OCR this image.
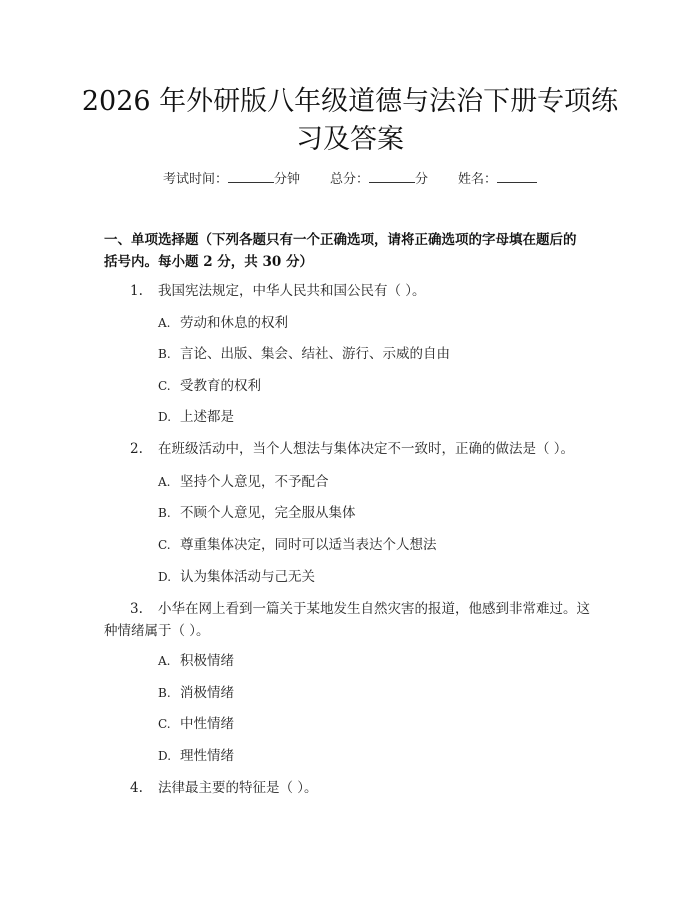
2026 年外研版八年级道德与法治下册专项练
习及答案
考试时间：	分钟 总分：	分 姓名：
一、单项选择题（下列各题只有一个正确选项，请将正确选项的字母填在题后的
括号内。每小题 2 分，共 30 分）
1. 我国宪法规定，中华人民共和国公民有（ ）。
A. 劳动和休息的权利
B. 言论、出版、集会、结社、游行、示威的自由
C. 受教育的权利
D. 上述都是
2. 在班级活动中，当个人想法与集体决定不一致时，正确的做法是（ ）。
A. 坚持个人意见，不予配合
B. 不顾个人意见，完全服从集体
C. 尊重集体决定，同时可以适当表达个人想法
D. 认为集体活动与己无关
3. 小华在网上看到一篇关于某地发生自然灾害的报道，他感到非常难过。这
种情绪属于（ ）。
A. 积极情绪
B. 消极情绪
C. 中性情绪
D. 理性情绪
4. 法律最主要的特征是（ ）。
